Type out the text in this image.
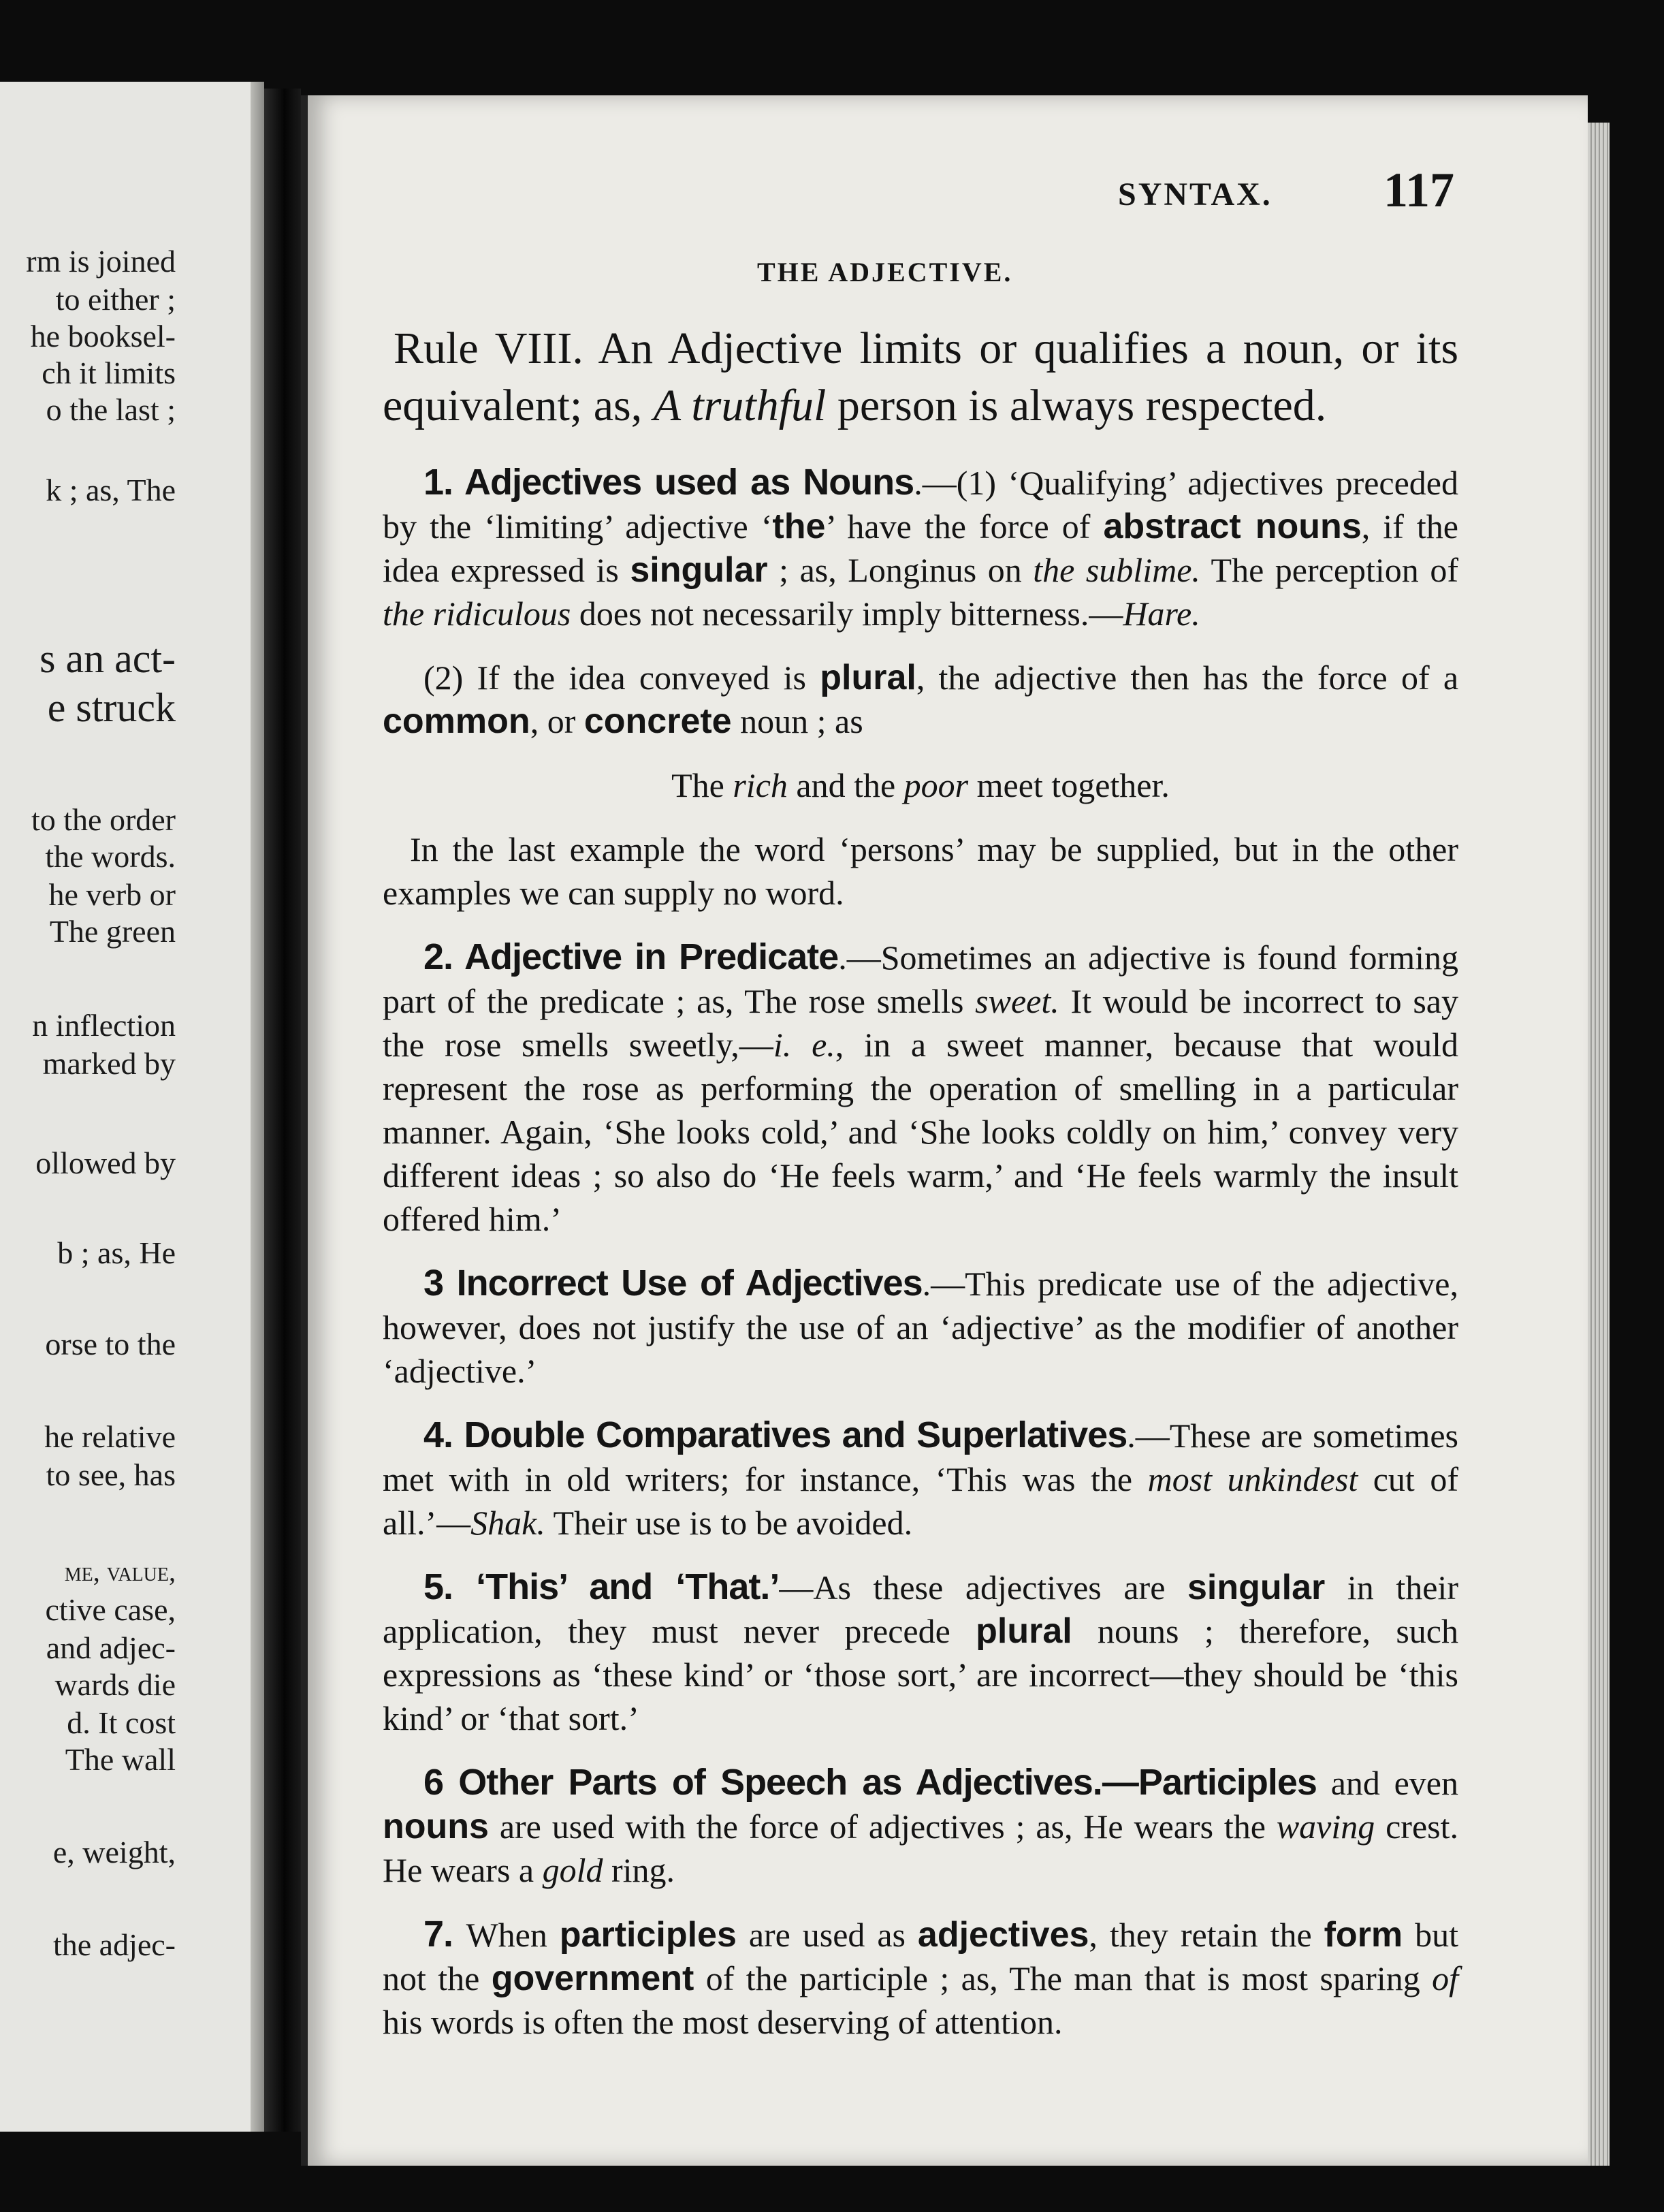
rm is joined
to either ;
he booksel-
ch it limits
o the last ;
k ; as, The
s an act-
e struck
to the order
the words.
he verb or
The green
n inflection
marked by
ollowed by
b ; as, He
orse to the
he relative
to see, has
me, value,
ctive case,
and adjec-
wards die
d. It cost
The wall
e, weight,
the adjec-
SYNTAX. 117
THE ADJECTIVE.

Rule VIII. An Adjective limits or qualifies a noun, or its equivalent; as, A truthful person is always respected.

1. Adjectives used as Nouns.—(1) ‘Qualifying’ adjectives preceded by the ‘limiting’ adjective ‘the’ have the force of abstract nouns, if the idea expressed is singular ; as, Longinus on the sublime. The perception of the ridiculous does not necessarily imply bitterness.—Hare.

(2) If the idea conveyed is plural, the adjective then has the force of a common, or concrete noun ; as

The rich and the poor meet together.

In the last example the word ‘persons’ may be supplied, but in the other examples we can supply no word.

2. Adjective in Predicate.—Sometimes an adjective is found forming part of the predicate ; as, The rose smells sweet. It would be incorrect to say the rose smells sweetly,—i. e., in a sweet manner, because that would represent the rose as performing the operation of smelling in a particular manner. Again, ‘She looks cold,’ and ‘She looks coldly on him,’ convey very different ideas ; so also do ‘He feels warm,’ and ‘He feels warmly the insult offered him.’

3 Incorrect Use of Adjectives.—This predicate use of the adjective, however, does not justify the use of an ‘adjective’ as the modifier of another ‘adjective.’

4. Double Comparatives and Superlatives.—These are sometimes met with in old writers; for instance, ‘This was the most unkindest cut of all.’—Shak. Their use is to be avoided.

5. ‘This’ and ‘That.’—As these adjectives are singular in their application, they must never precede plural nouns ; therefore, such expressions as ‘these kind’ or ‘those sort,’ are incorrect—they should be ‘this kind’ or ‘that sort.’

6 Other Parts of Speech as Adjectives.—Participles and even nouns are used with the force of adjectives ; as, He wears the waving crest. He wears a gold ring.

7. When participles are used as adjectives, they retain the form but not the government of the participle ; as, The man that is most sparing of his words is often the most deserving of attention.
